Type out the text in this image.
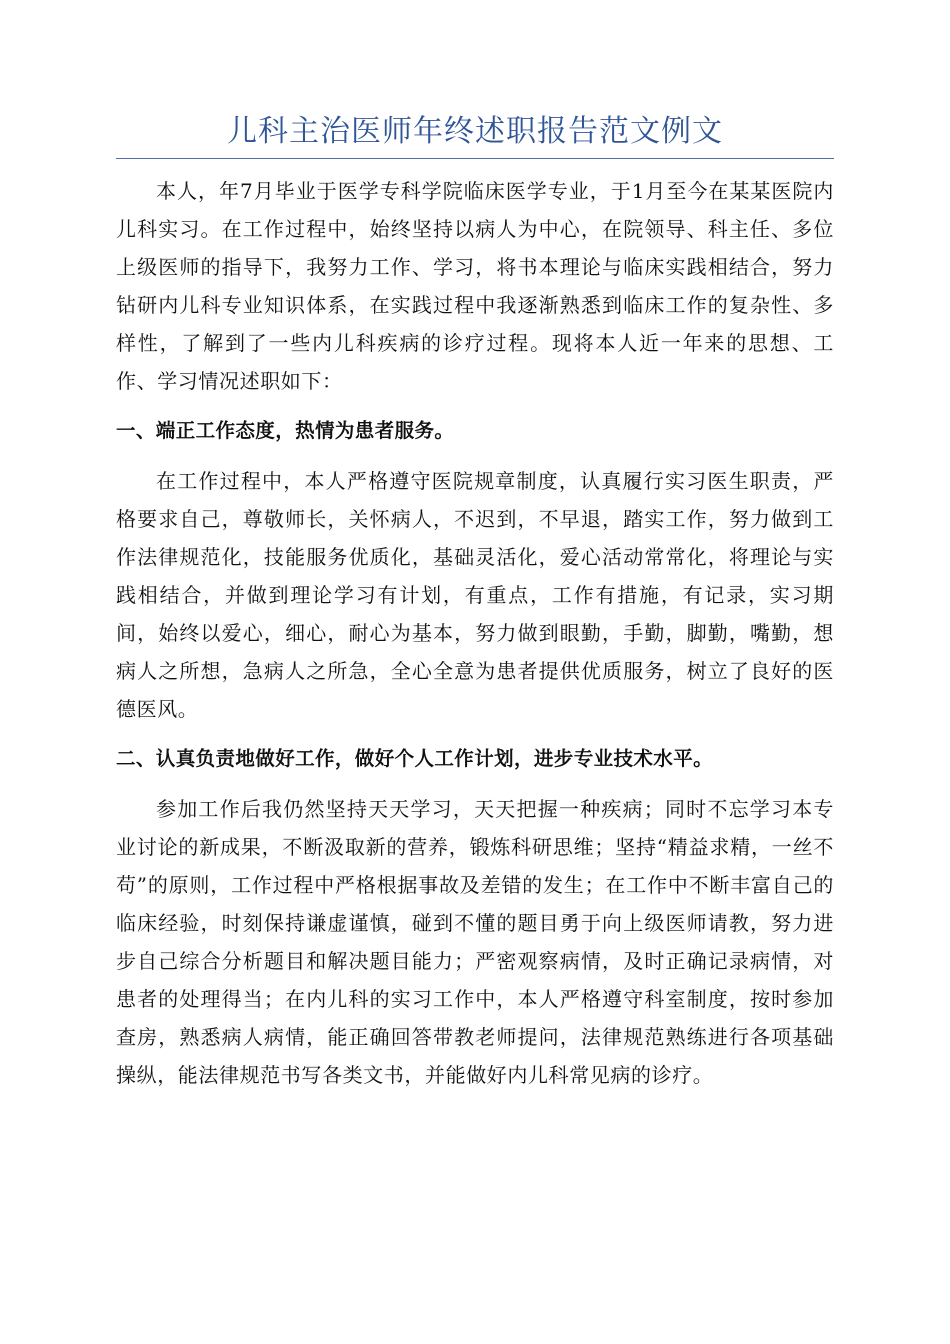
儿科主治医师年终述职报告范文例文

本人，年7月毕业于医学专科学院临床医学专业，于1月至今在某某医院内儿科实习。在工作过程中，始终坚持以病人为中心，在院领导、科主任、多位上级医师的指导下，我努力工作、学习，将书本理论与临床实践相结合，努力钻研内儿科专业知识体系，在实践过程中我逐渐熟悉到临床工作的复杂性、多样性，了解到了一些内儿科疾病的诊疗过程。现将本人近一年来的思想、工作、学习情况述职如下：

一、端正工作态度，热情为患者服务。

在工作过程中，本人严格遵守医院规章制度，认真履行实习医生职责，严格要求自己，尊敬师长，关怀病人，不迟到，不早退，踏实工作，努力做到工作法律规范化，技能服务优质化，基础灵活化，爱心活动常常化，将理论与实践相结合，并做到理论学习有计划，有重点，工作有措施，有记录，实习期间，始终以爱心，细心，耐心为基本，努力做到眼勤，手勤，脚勤，嘴勤，想病人之所想，急病人之所急，全心全意为患者提供优质服务，树立了良好的医德医风。

二、认真负责地做好工作，做好个人工作计划，进步专业技术水平。

参加工作后我仍然坚持天天学习，天天把握一种疾病；同时不忘学习本专业讨论的新成果，不断汲取新的营养，锻炼科研思维；坚持“精益求精，一丝不苟”的原则，工作过程中严格根据事故及差错的发生；在工作中不断丰富自己的临床经验，时刻保持谦虚谨慎，碰到不懂的题目勇于向上级医师请教，努力进步自己综合分析题目和解决题目能力；严密观察病情，及时正确记录病情，对患者的处理得当；在内儿科的实习工作中，本人严格遵守科室制度，按时参加查房，熟悉病人病情，能正确回答带教老师提问，法律规范熟练进行各项基础操纵，能法律规范书写各类文书，并能做好内儿科常见病的诊疗。
